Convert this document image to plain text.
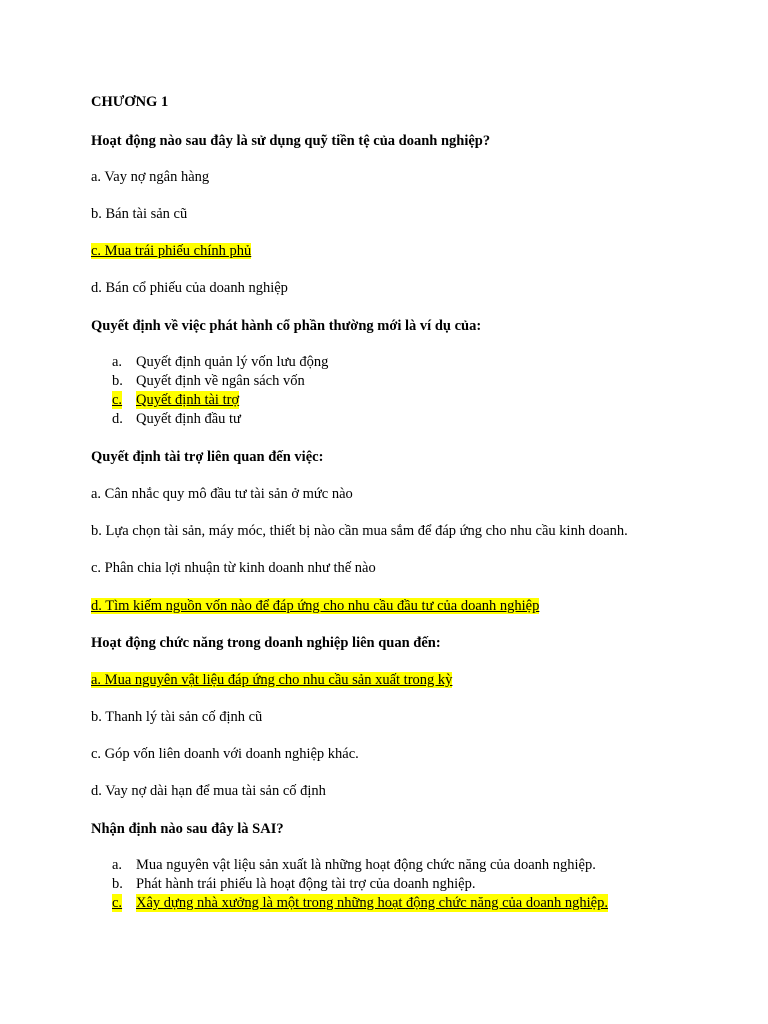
CHƯƠNG 1
Hoạt động nào sau đây là sử dụng quỹ tiền tệ của doanh nghiệp?
a. Vay nợ ngân hàng
b. Bán tài sản cũ
c. Mua trái phiếu chính phủ
d. Bán cổ phiếu của doanh nghiệp
Quyết định về việc phát hành cổ phần thường mới là ví dụ của:
a. Quyết định quản lý vốn lưu động
b. Quyết định về ngân sách vốn
c. Quyết định tài trợ
d. Quyết định đầu tư
Quyết định tài trợ liên quan đến việc:
a. Cân nhắc quy mô đầu tư tài sản ở mức nào
b. Lựa chọn tài sản, máy móc, thiết bị nào cần mua sắm để đáp ứng cho nhu cầu kinh doanh.
c. Phân chia lợi nhuận từ kinh doanh như thế nào
d. Tìm kiếm nguồn vốn nào để đáp ứng cho nhu cầu đầu tư của doanh nghiệp
Hoạt động chức năng trong doanh nghiệp liên quan đến:
a. Mua nguyên vật liệu đáp ứng cho nhu cầu sản xuất trong kỳ
b. Thanh lý tài sản cố định cũ
c. Góp vốn liên doanh với doanh nghiệp khác.
d. Vay nợ dài hạn để mua tài sản cố định
Nhận định nào sau đây là SAI?
a. Mua nguyên vật liệu sản xuất là những hoạt động chức năng của doanh nghiệp.
b. Phát hành trái phiếu là hoạt động tài trợ của doanh nghiệp.
c. Xây dựng nhà xưởng là một trong những hoạt động chức năng của doanh nghiệp.
